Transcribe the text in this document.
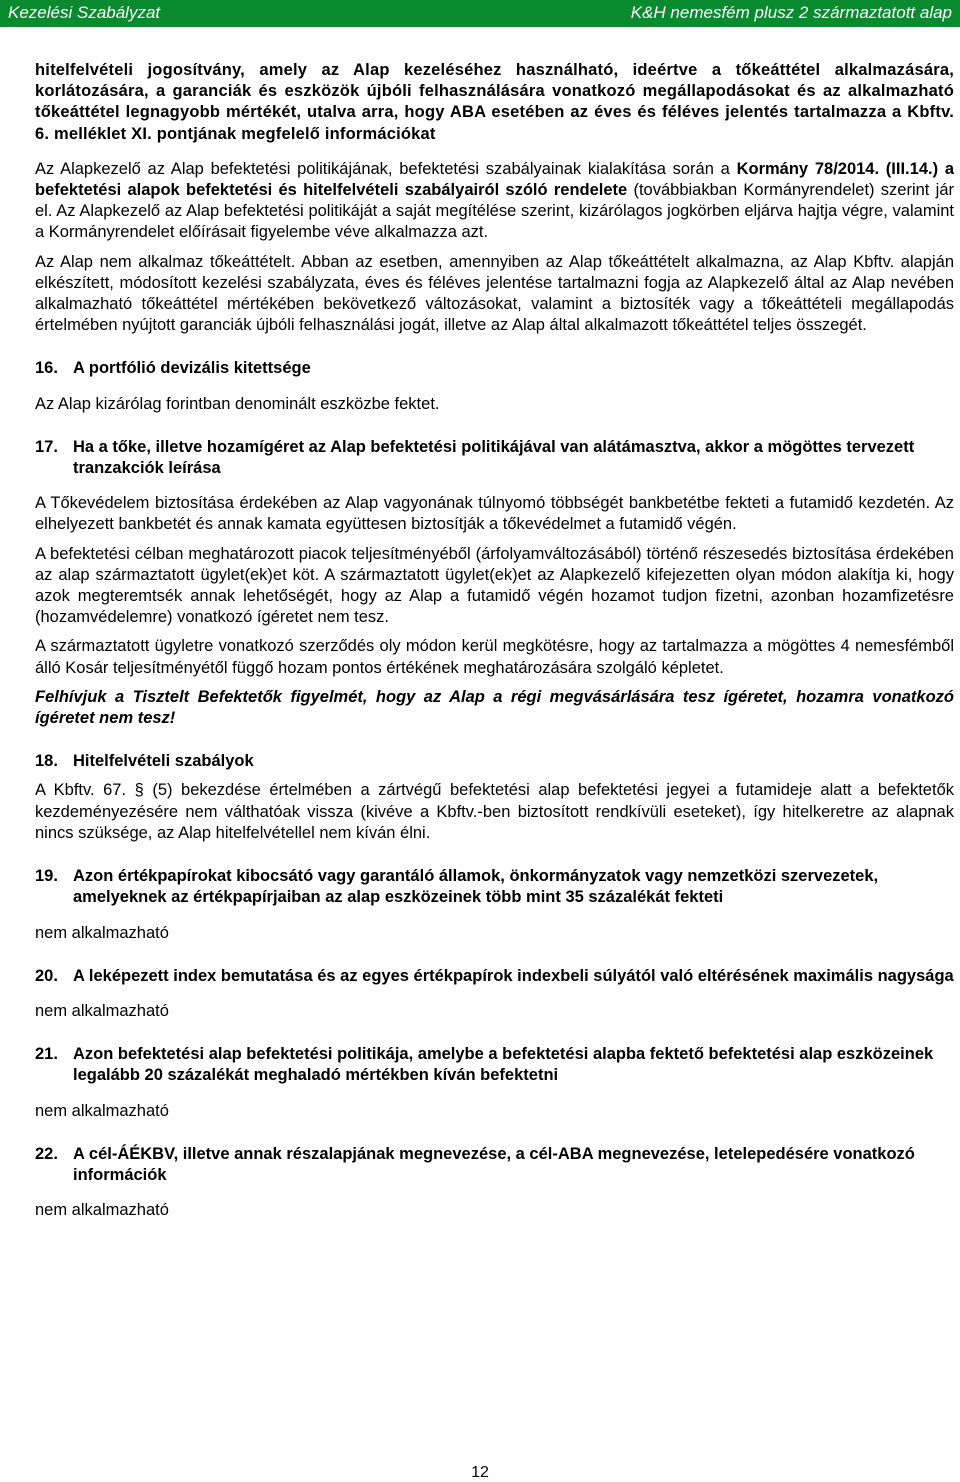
Kezelési Szabályzat	K&H nemesfém plusz 2 származtatott alap

hitelfelvételi jogosítvány, amely az Alap kezeléséhez használható, ideértve a tőkeáttétel alkalmazására, korlátozására, a garanciák és eszközök újbóli felhasználására vonatkozó megállapodásokat és az alkalmazható tőkeáttétel legnagyobb mértékét, utalva arra, hogy ABA esetében az éves és féléves jelentés tartalmazza a Kbftv. 6. melléklet XI. pontjának megfelelő információkat

Az Alapkezelő az Alap befektetési politikájának, befektetési szabályainak kialakítása során a Kormány 78/2014. (III.14.) a befektetési alapok befektetési és hitelfelvételi szabályairól szóló rendelete (továbbiakban Kormányrendelet) szerint jár el. Az Alapkezelő az Alap befektetési politikáját a saját megítélése szerint, kizárólagos jogkörben eljárva hajtja végre, valamint a Kormányrendelet előírásait figyelembe véve alkalmazza azt.

Az Alap nem alkalmaz tőkeáttételt. Abban az esetben, amennyiben az Alap tőkeáttételt alkalmazna, az Alap Kbftv. alapján elkészített, módosított kezelési szabályzata, éves és féléves jelentése tartalmazni fogja az Alapkezelő által az Alap nevében alkalmazható tőkeáttétel mértékében bekövetkező változásokat, valamint a biztosíték vagy a tőkeáttételi megállapodás értelmében nyújtott garanciák újbóli felhasználási jogát, illetve az Alap által alkalmazott tőkeáttétel teljes összegét.

16. A portfólió devizális kitettsége

Az Alap kizárólag forintban denominált eszközbe fektet.

17. Ha a tőke, illetve hozamígéret az Alap befektetési politikájával van alátámasztva, akkor a mögöttes tervezett tranzakciók leírása

A Tőkevédelem biztosítása érdekében az Alap vagyonának túlnyomó többségét bankbetétbe fekteti a futamidő kezdetén. Az elhelyezett bankbetét és annak kamata együttesen biztosítják a tőkevédelmet a futamidő végén.

A befektetési célban meghatározott piacok teljesítményéből (árfolyamváltozásából) történő részesedés biztosítása érdekében az alap származtatott ügylet(ek)et köt. A származtatott ügylet(ek)et az Alapkezelő kifejezetten olyan módon alakítja ki, hogy azok megteremtsék annak lehetőségét, hogy az Alap a futamidő végén hozamot tudjon fizetni, azonban hozamfizetésre (hozamvédelemre) vonatkozó ígéretet nem tesz.

A származtatott ügyletre vonatkozó szerződés oly módon kerül megkötésre, hogy az tartalmazza a mögöttes 4 nemesfémből álló Kosár teljesítményétől függő hozam pontos értékének meghatározására szolgáló képletet.

Felhívjuk a Tisztelt Befektetők figyelmét, hogy az Alap a régi megvásárlására tesz ígéretet, hozamra vonatkozó ígéretet nem tesz!

18. Hitelfelvételi szabályok

A Kbftv. 67. § (5) bekezdése értelmében a zártvégű befektetési alap befektetési jegyei a futamideje alatt a befektetők kezdeményezésére nem válthatóak vissza (kivéve a Kbftv.-ben biztosított rendkívüli eseteket), így hitelkeretre az alapnak nincs szüksége, az Alap hitelfelvétellel nem kíván élni.

19. Azon értékpapírokat kibocsátó vagy garantáló államok, önkormányzatok vagy nemzetközi szervezetek, amelyeknek az értékpapírjaiban az alap eszközeinek több mint 35 százalékát fekteti

nem alkalmazható

20. A leképezett index bemutatása és az egyes értékpapírok indexbeli súlyától való eltérésének maximális nagysága

nem alkalmazható

21. Azon befektetési alap befektetési politikája, amelybe a befektetési alapba fektető befektetési alap eszközeinek legalább 20 százalékát meghaladó mértékben kíván befektetni

nem alkalmazható

22. A cél-ÁÉKBV, illetve annak részalapjának megnevezése, a cél-ABA megnevezése, letelepedésére vonatkozó információk

nem alkalmazható

12
